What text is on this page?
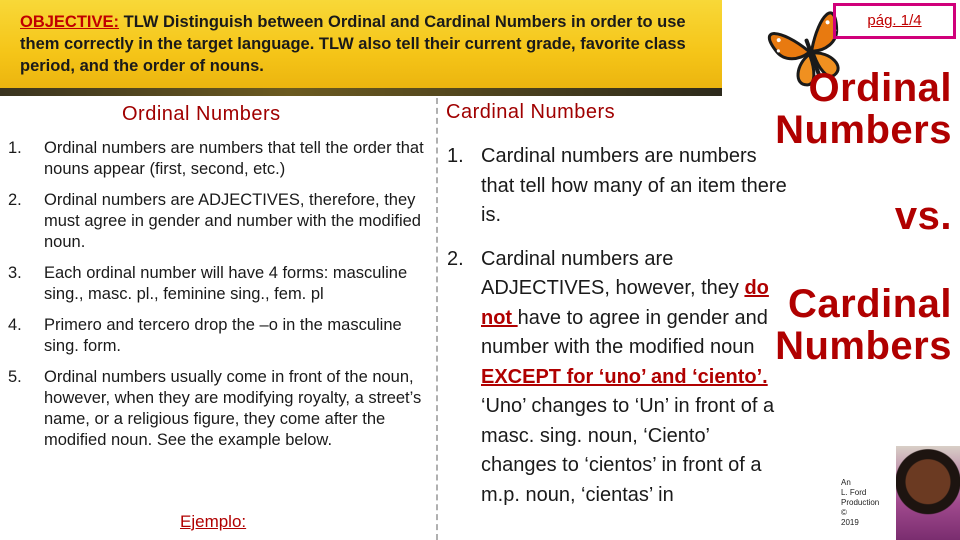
OBJECTIVE: TLW Distinguish between Ordinal and Cardinal Numbers in order to use them correctly in the target language. TLW also tell their current grade, favorite class period, and the order of nouns.
pág. 1/4
Ordinal
Numbers
vs.
Cardinal
Numbers
Ordinal Numbers	Cardinal Numbers
1.	Ordinal numbers are numbers that tell the order that nouns appear (first, second, etc.)
2.	Ordinal numbers are ADJECTIVES, therefore, they must agree in gender and number with the modified noun.
3.	Each ordinal number will have 4 forms: masculine sing., masc. pl., feminine sing., fem. pl
4.	Primero and tercero drop the –o in the masculine sing. form.
5.	Ordinal numbers usually come in front of the noun, however, when they are modifying royalty, a street’s name, or a religious figure, they come after the modified noun. See the example below.
Ejemplo:
1. Cardinal numbers are numbers that tell how many of an item there is.
2. Cardinal numbers are ADJECTIVES, however, they do not have to agree in gender and number with the modified noun EXCEPT for ‘uno’ and ‘ciento’. ‘Uno’ changes to ‘Un’ in front of a masc. sing. noun, ‘Ciento’ changes to ‘cientos’ in front of a m.p. noun, ‘cientas’ in
An
L. Ford
Production
©
2019
